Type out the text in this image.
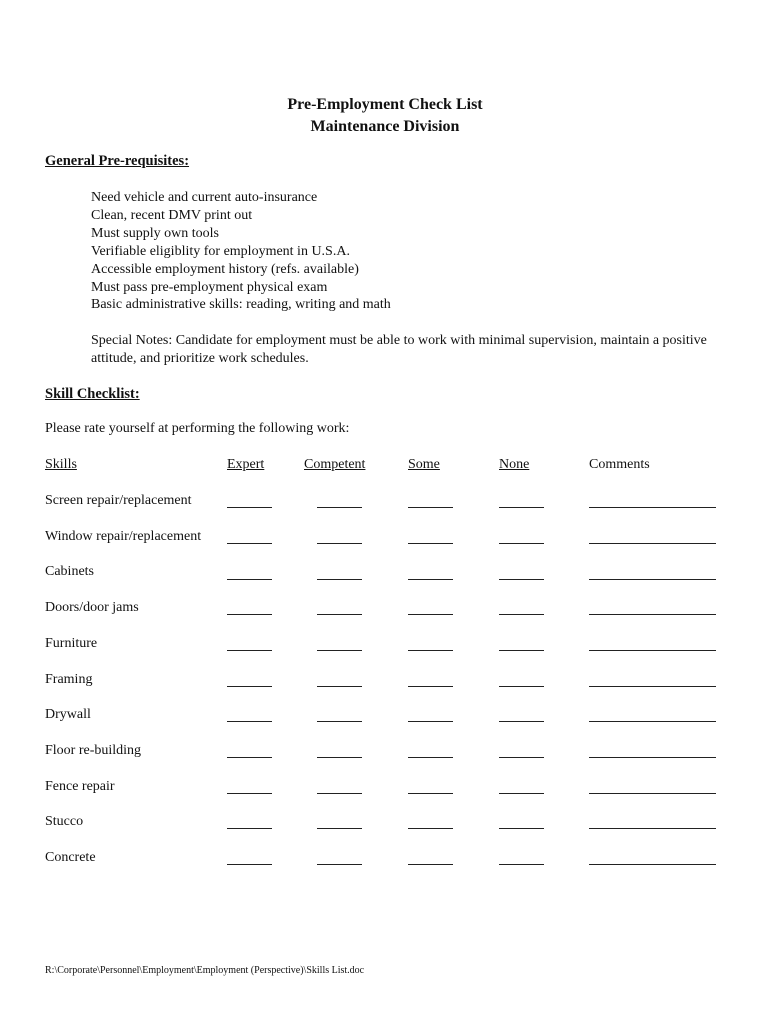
Pre-Employment Check List
Maintenance Division
General Pre-requisites:
Need vehicle and current auto-insurance
Clean, recent DMV print out
Must supply own tools
Verifiable eligiblity for employment in U.S.A.
Accessible employment history (refs. available)
Must pass pre-employment physical exam
Basic administrative skills: reading, writing and math
Special Notes: Candidate for employment must be able to work with minimal supervision, maintain a positive attitude, and prioritize work schedules.
Skill Checklist:
Please rate yourself at performing the following work:
Skills	Expert	Competent	Some	None	Comments
Screen repair/replacement
Window repair/replacement
Cabinets
Doors/door jams
Furniture
Framing
Drywall
Floor re-building
Fence repair
Stucco
Concrete
R:\Corporate\Personnel\Employment\Employment (Perspective)\Skills List.doc
